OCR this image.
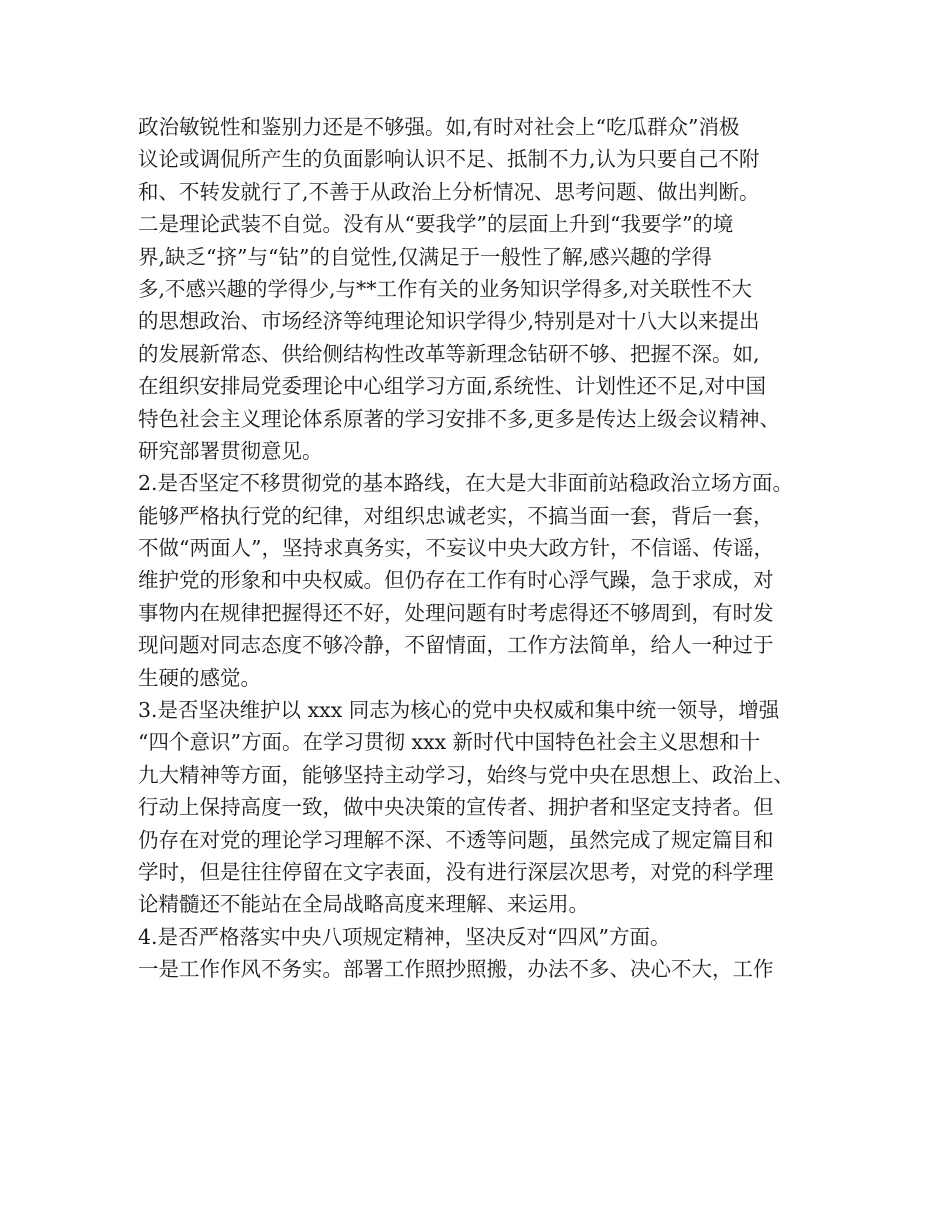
政治敏锐性和鉴别力还是不够强。如,有时对社会上“吃瓜群众”消极
议论或调侃所产生的负面影响认识不足、抵制不力,认为只要自己不附
和、不转发就行了,不善于从政治上分析情况、思考问题、做出判断。
二是理论武装不自觉。没有从“要我学”的层面上升到“我要学”的境
界,缺乏“挤”与“钻”的自觉性,仅满足于一般性了解,感兴趣的学得
多,不感兴趣的学得少,与**工作有关的业务知识学得多,对关联性不大
的思想政治、市场经济等纯理论知识学得少,特别是对十八大以来提出
的发展新常态、供给侧结构性改革等新理念钻研不够、把握不深。如,
在组织安排局党委理论中心组学习方面,系统性、计划性还不足,对中国
特色社会主义理论体系原著的学习安排不多,更多是传达上级会议精神、
研究部署贯彻意见。
2.是否坚定不移贯彻党的基本路线，在大是大非面前站稳政治立场方面。
能够严格执行党的纪律，对组织忠诚老实，不搞当面一套，背后一套，
不做“两面人”，坚持求真务实，不妄议中央大政方针，不信谣、传谣，
维护党的形象和中央权威。但仍存在工作有时心浮气躁，急于求成，对
事物内在规律把握得还不好，处理问题有时考虑得还不够周到，有时发
现问题对同志态度不够冷静，不留情面，工作方法简单，给人一种过于
生硬的感觉。
3.是否坚决维护以 xxx 同志为核心的党中央权威和集中统一领导，增强
“四个意识”方面。在学习贯彻 xxx 新时代中国特色社会主义思想和十
九大精神等方面，能够坚持主动学习，始终与党中央在思想上、政治上、
行动上保持高度一致，做中央决策的宣传者、拥护者和坚定支持者。但
仍存在对党的理论学习理解不深、不透等问题，虽然完成了规定篇目和
学时，但是往往停留在文字表面，没有进行深层次思考，对党的科学理
论精髓还不能站在全局战略高度来理解、来运用。
4.是否严格落实中央八项规定精神，坚决反对“四风”方面。
一是工作作风不务实。部署工作照抄照搬，办法不多、决心不大，工作
